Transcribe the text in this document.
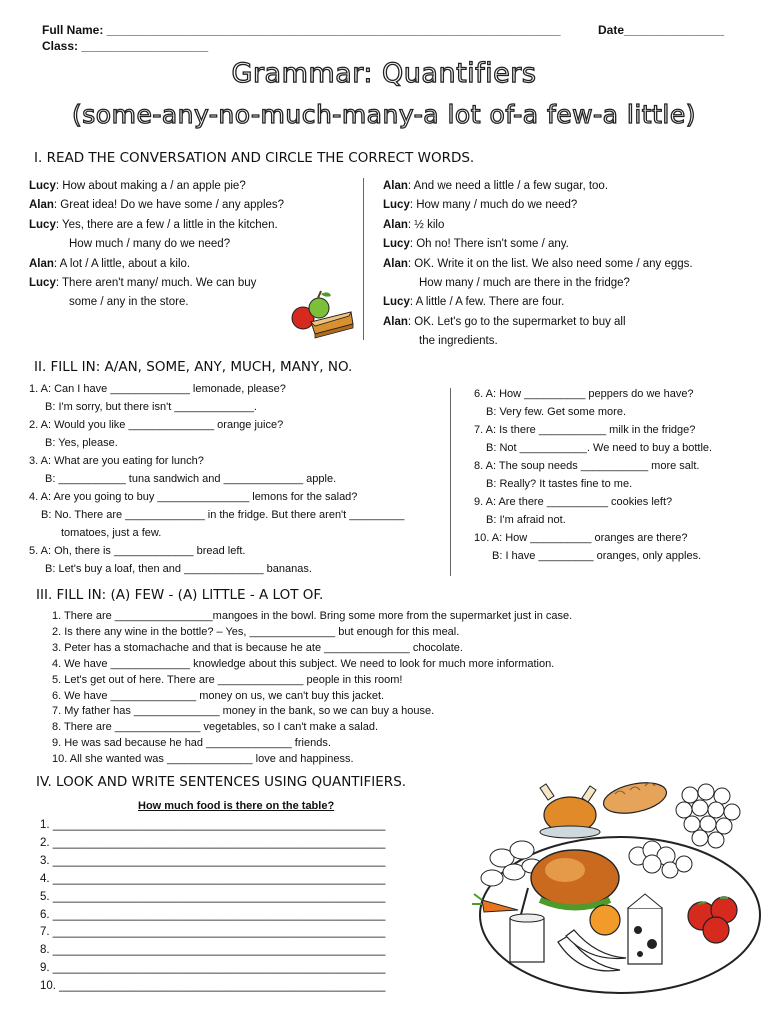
Full Name: ____________________________________________________________________	Date_______________
Class: ___________________
Grammar: Quantifiers
(some-any-no-much-many-a lot of-a few-a little)
I. READ THE CONVERSATION AND CIRCLE THE CORRECT WORDS.
Lucy: How about making a / an apple pie?
Alan: Great idea! Do we have some / any apples?
Lucy: Yes, there are a few / a little in the kitchen.
How much / many do we need?
Alan: A lot / A little, about a kilo.
Lucy: There aren't many/ much. We can buy
some / any in the store.
Alan: And we need a little / a few sugar, too.
Lucy: How many / much do we need?
Alan: ½ kilo
Lucy: Oh no! There isn't some / any.
Alan: OK. Write it on the list. We also need some / any eggs.
How many / much are there in the fridge?
Lucy: A little / A few. There are four.
Alan: OK. Let's go to the supermarket to buy all
the ingredients.
II. FILL IN: A/AN, SOME, ANY, MUCH, MANY, NO.
1. A: Can I have _____________ lemonade, please?
B: I'm sorry, but there isn't _____________.
2. A: Would you like ______________ orange juice?
B: Yes, please.
3. A: What are you eating for lunch?
B: ___________ tuna sandwich and _____________ apple.
4. A: Are you going to buy _______________ lemons for the salad?
B: No. There are _____________ in the fridge. But there aren't _________
tomatoes, just a few.
5. A: Oh, there is _____________ bread left.
B: Let's buy a loaf, then and _____________ bananas.
6. A: How __________ peppers do we have?
B: Very few. Get some more.
7. A: Is there ___________ milk in the fridge?
B: Not ___________. We need to buy a bottle.
8. A: The soup needs ___________ more salt.
B: Really? It tastes fine to me.
9. A: Are there __________ cookies left?
B: I'm afraid not.
10. A: How __________ oranges are there?
B: I have _________ oranges, only apples.
III. FILL IN: (A) FEW - (A) LITTLE - A LOT OF.
1. There are ________________mangoes in the bowl. Bring some more from the supermarket just in case.
2. Is there any wine in the bottle? – Yes, ______________ but enough for this meal.
3. Peter has a stomachache and that is because he ate ______________ chocolate.
4. We have _____________ knowledge about this subject. We need to look for much more information.
5. Let's get out of here. There are ______________ people in this room!
6. We have ______________ money on us, we can't buy this jacket.
7. My father has ______________ money in the bank, so we can buy a house.
8. There are ______________ vegetables, so I can't make a salad.
9. He was sad because he had ______________ friends.
10. All she wanted was ______________ love and happiness.
IV. LOOK AND WRITE SENTENCES USING QUANTIFIERS.
How much food is there on the table?
1. ____________________________________________________
2. ____________________________________________________
3. ____________________________________________________
4. ____________________________________________________
5. ____________________________________________________
6. ____________________________________________________
7. ____________________________________________________
8. ____________________________________________________
9. ____________________________________________________
10. ___________________________________________________
